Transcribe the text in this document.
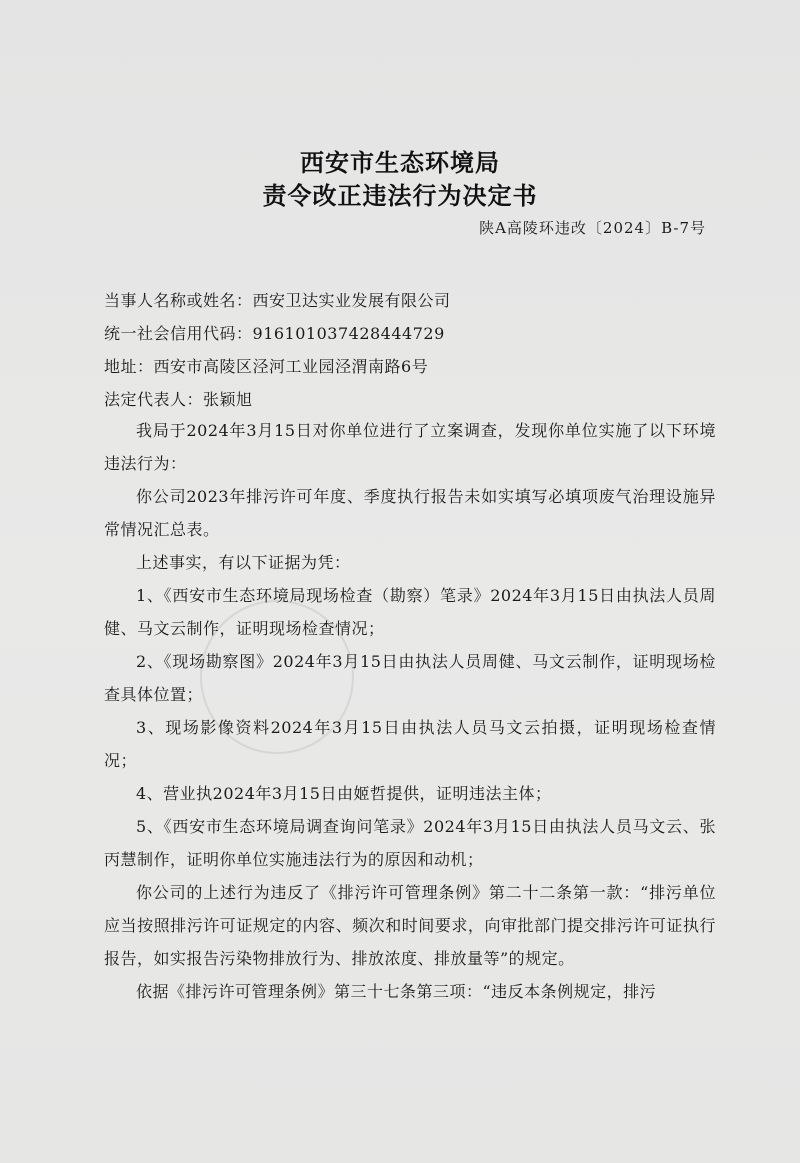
西安市生态环境局
责令改正违法行为决定书
陕A高陵环违改〔2024〕B-7号
当事人名称或姓名：西安卫达实业发展有限公司
统一社会信用代码：916101037428444729
地址：西安市高陵区泾河工业园泾渭南路6号
法定代表人：张颖旭
我局于2024年3月15日对你单位进行了立案调查，发现你单位实施了以下环境违法行为：
你公司2023年排污许可年度、季度执行报告未如实填写必填项废气治理设施异常情况汇总表。
上述事实，有以下证据为凭：
1、《西安市生态环境局现场检查（勘察）笔录》2024年3月15日由执法人员周健、马文云制作，证明现场检查情况；
2、《现场勘察图》2024年3月15日由执法人员周健、马文云制作，证明现场检查具体位置；
3、现场影像资料2024年3月15日由执法人员马文云拍摄，证明现场检查情况；
4、营业执2024年3月15日由姬哲提供，证明违法主体；
5、《西安市生态环境局调查询问笔录》2024年3月15日由执法人员马文云、张丙慧制作，证明你单位实施违法行为的原因和动机；
你公司的上述行为违反了《排污许可管理条例》第二十二条第一款：“排污单位应当按照排污许可证规定的内容、频次和时间要求，向审批部门提交排污许可证执行报告，如实报告污染物排放行为、排放浓度、排放量等”的规定。
依据《排污许可管理条例》第三十七条第三项：“违反本条例规定，排污
